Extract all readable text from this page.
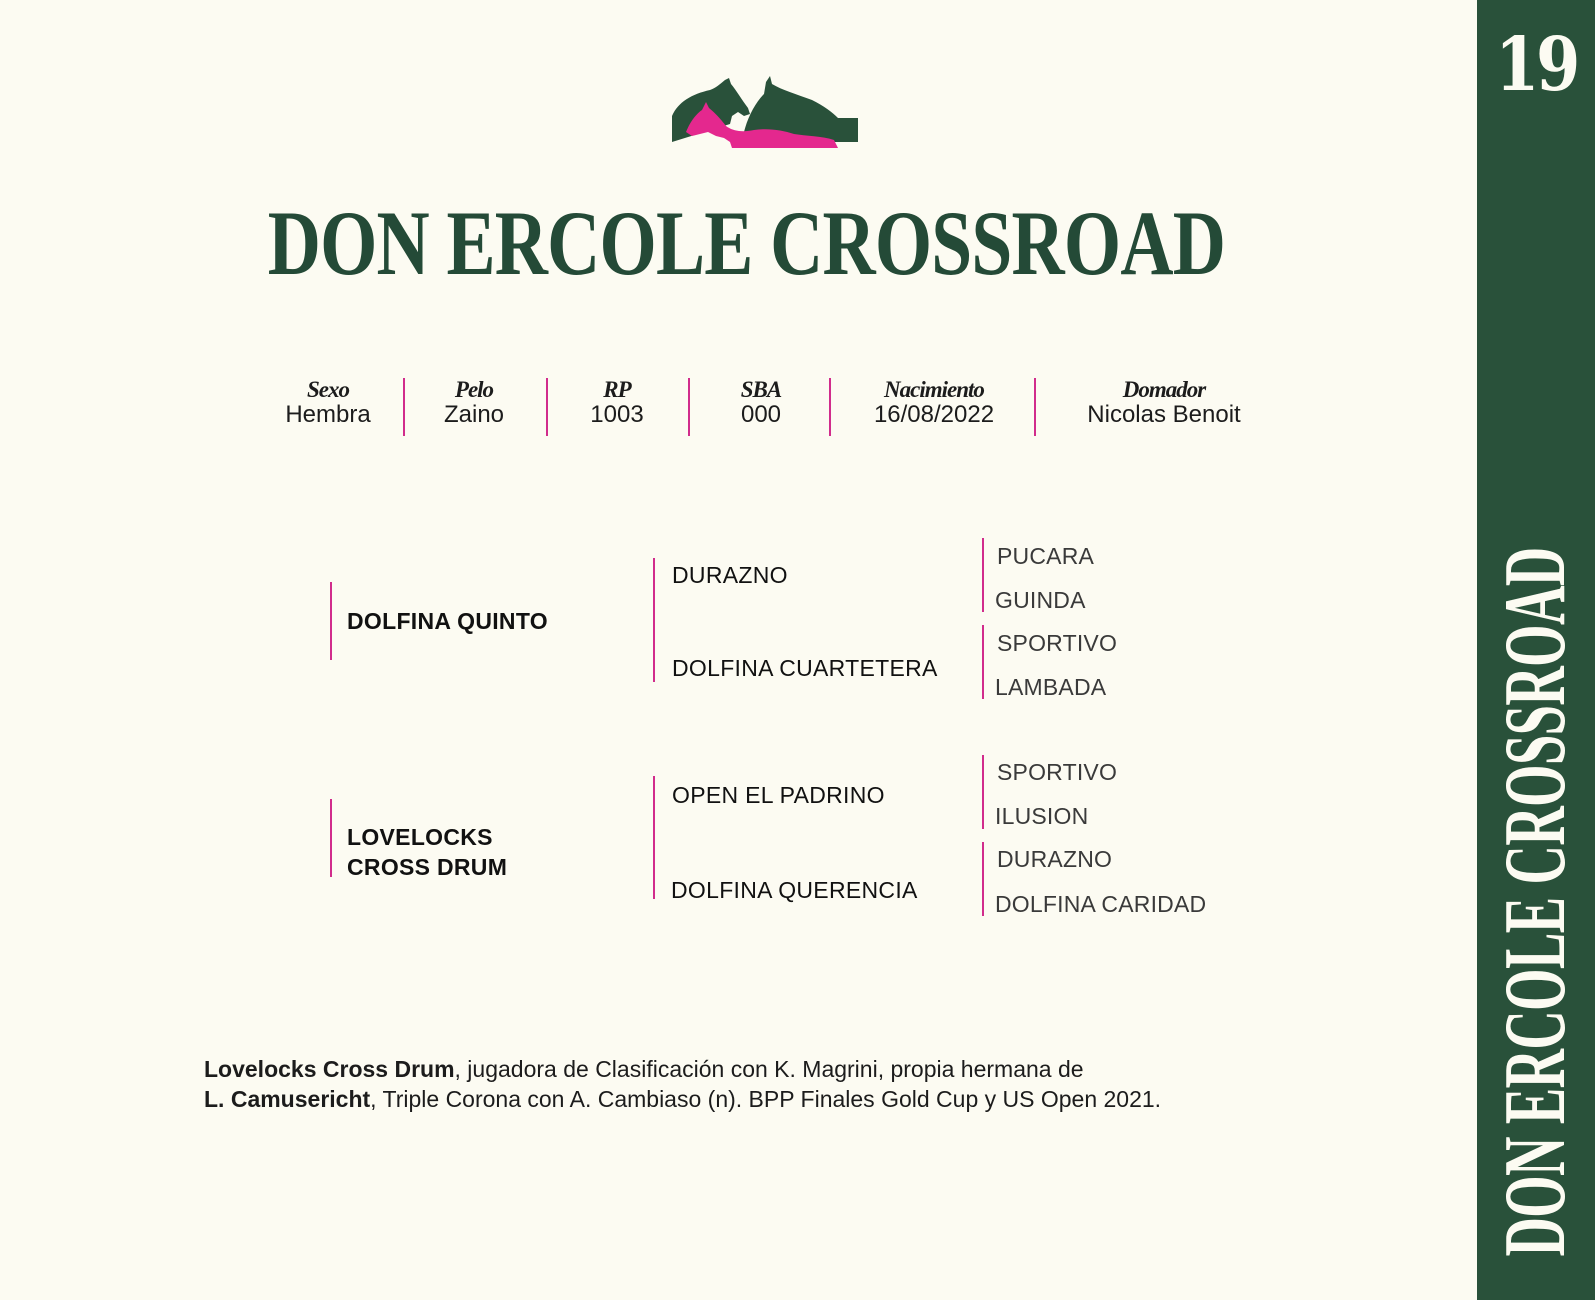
19
DON ERCOLE CROSSROAD
DON ERCOLE CROSSROAD
Sexo
Hembra
Pelo
Zaino
RP
1003
SBA
000
Nacimiento
16/08/2022
Domador
Nicolas Benoit
DOLFINA QUINTO
DURAZNO
DOLFINA CUARTETERA
PUCARA
GUINDA
SPORTIVO
LAMBADA
LOVELOCKS
CROSS DRUM
OPEN EL PADRINO
DOLFINA QUERENCIA
SPORTIVO
ILUSION
DURAZNO
DOLFINA CARIDAD
Lovelocks Cross Drum, jugadora de Clasificación con K. Magrini, propia hermana de
L. Camusericht, Triple Corona con A. Cambiaso (n). BPP Finales Gold Cup y US Open 2021.
